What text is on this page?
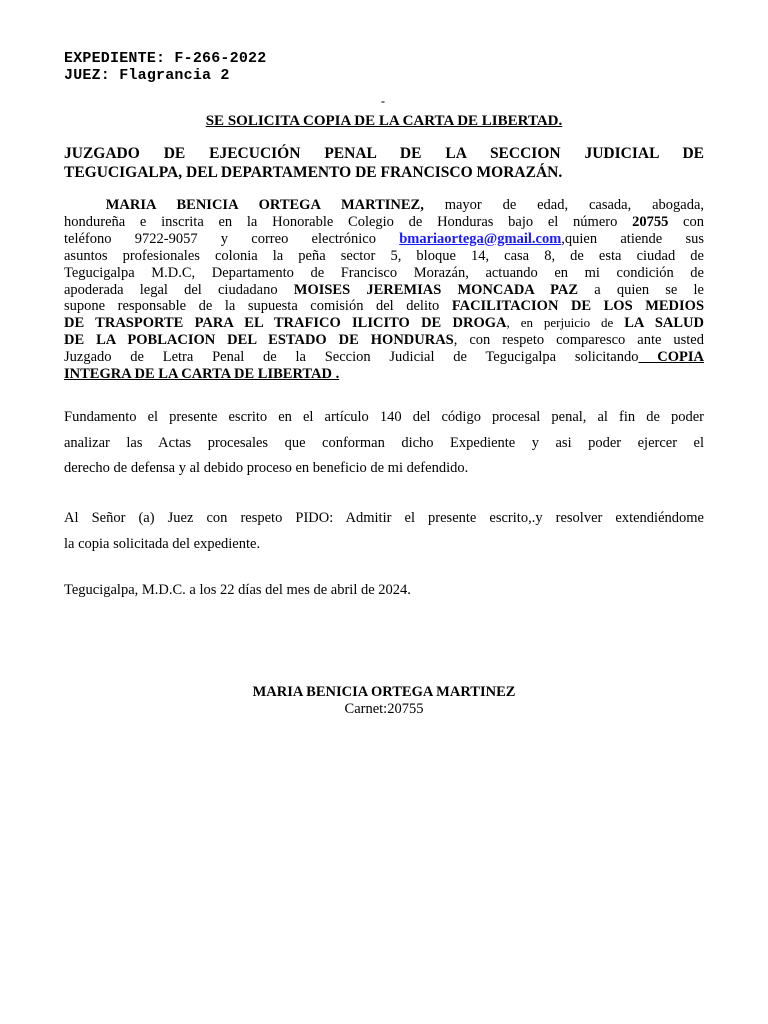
EXPEDIENTE: F-266-2022
JUEZ: Flagrancia 2
-
SE SOLICITA COPIA DE LA CARTA DE LIBERTAD.
JUZGADO DE EJECUCIÓN PENAL DE LA SECCION JUDICIAL DE
TEGUCIGALPA, DEL DEPARTAMENTO DE FRANCISCO MORAZÁN.
MARIA BENICIA ORTEGA MARTINEZ, mayor de edad, casada, abogada,
hondureña e inscrita en la Honorable Colegio de Honduras bajo el número 20755 con
teléfono 9722-9057 y correo electrónico bmariaortega@gmail.com,quien atiende sus
asuntos profesionales colonia la peña sector 5, bloque 14, casa 8, de esta ciudad de
Tegucigalpa M.D.C, Departamento de Francisco Morazán, actuando en mi condición de
apoderada legal del ciudadano MOISES JEREMIAS MONCADA PAZ a quien se le
supone responsable de la supuesta comisión del delito FACILITACION DE LOS MEDIOS
DE TRASPORTE PARA EL TRAFICO ILICITO DE DROGA, en perjuicio de LA SALUD
DE LA POBLACION DEL ESTADO DE HONDURAS, con respeto comparesco ante usted
Juzgado de Letra Penal de la Seccion Judicial de Tegucigalpa solicitando COPIA
INTEGRA DE LA CARTA DE LIBERTAD .
Fundamento el presente escrito en el artículo 140 del código procesal penal, al fin de poder
analizar las Actas procesales que conforman dicho Expediente y asi poder ejercer el
derecho de defensa y al debido proceso en beneficio de mi defendido.
Al Señor (a) Juez con respeto PIDO: Admitir el presente escrito,.y resolver extendiéndome
la copia solicitada del expediente.
Tegucigalpa, M.D.C. a los 22 días del mes de abril de 2024.
MARIA BENICIA ORTEGA MARTINEZ
Carnet:20755
